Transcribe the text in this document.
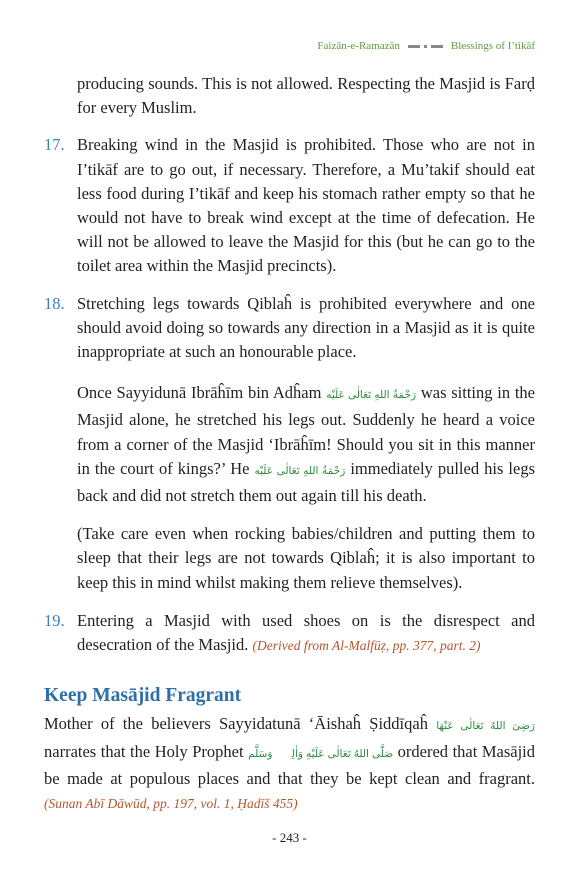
Faizān-e-Ramazān	Blessings of I’tikāf

producing sounds. This is not allowed. Respecting the Masjid is Farḍ for every Muslim.

17. Breaking wind in the Masjid is prohibited. Those who are not in I’tikāf are to go out, if necessary. Therefore, a Mu’takif should eat less food during I’tikāf and keep his stomach rather empty so that he would not have to break wind except at the time of defecation. He will not be allowed to leave the Masjid for this (but he can go to the toilet area within the Masjid precincts).

18. Stretching legs towards Qiblaĥ is prohibited everywhere and one should avoid doing so towards any direction in a Masjid as it is quite inappropriate at such an honourable place.

Once Sayyidunā Ibrāĥīm bin Adĥam رَحْمَةُ اللهِ تَعَالٰی عَلَيْه was sitting in the Masjid alone, he stretched his legs out. Suddenly he heard a voice from a corner of the Masjid ‘Ibrāĥīm! Should you sit in this manner in the court of kings?’ He رَحْمَةُ اللهِ تَعَالٰی عَلَيْه immediately pulled his legs back and did not stretch them out again till his death.

(Take care even when rocking babies/children and putting them to sleep that their legs are not towards Qiblaĥ; it is also important to keep this in mind whilst making them relieve themselves).

19. Entering a Masjid with used shoes on is the disrespect and desecration of the Masjid. (Derived from Al-Malfūẓ, pp. 377, part. 2)

Keep Masājid Fragrant

Mother of the believers Sayyidatunā ‘Āishaĥ Ṣiddīqaĥ رَضِیَ اللهُ تَعَالٰی عَنْهَا narrates that the Holy Prophet صَلَّى اللهُ تَعَالٰی عَلَيْهِ وَاٰلِهٖ وَسَلَّم ordered that Masājid be made at populous places and that they be kept clean and fragrant. (Sunan Abī Dāwūd, pp. 197, vol. 1, Ḥadīš 455)

- 243 -
